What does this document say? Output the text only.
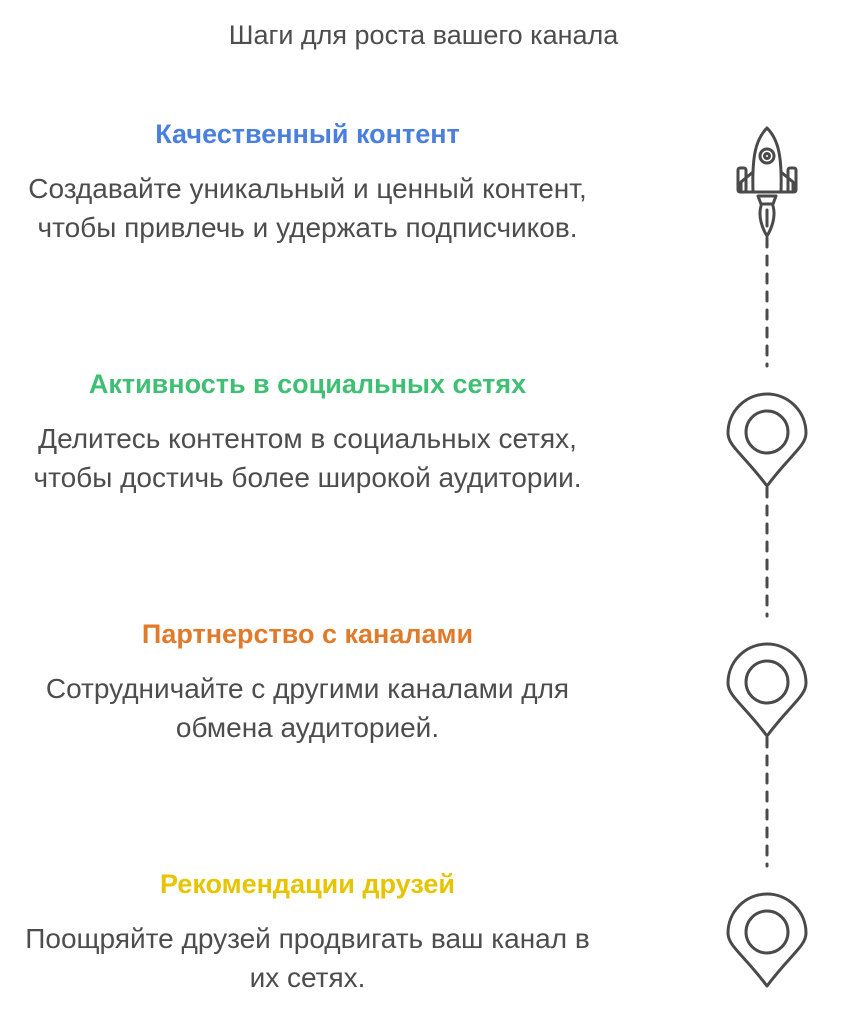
Шаги для роста вашего канала
Качественный контент
Создавайте уникальный и ценный контент, чтобы привлечь и удержать подписчиков.
Активность в социальных сетях
Делитесь контентом в социальных сетях, чтобы достичь более широкой аудитории.
Партнерство с каналами
Сотрудничайте с другими каналами для обмена аудиторией.
Рекомендации друзей
Поощряйте друзей продвигать ваш канал в их сетях.
